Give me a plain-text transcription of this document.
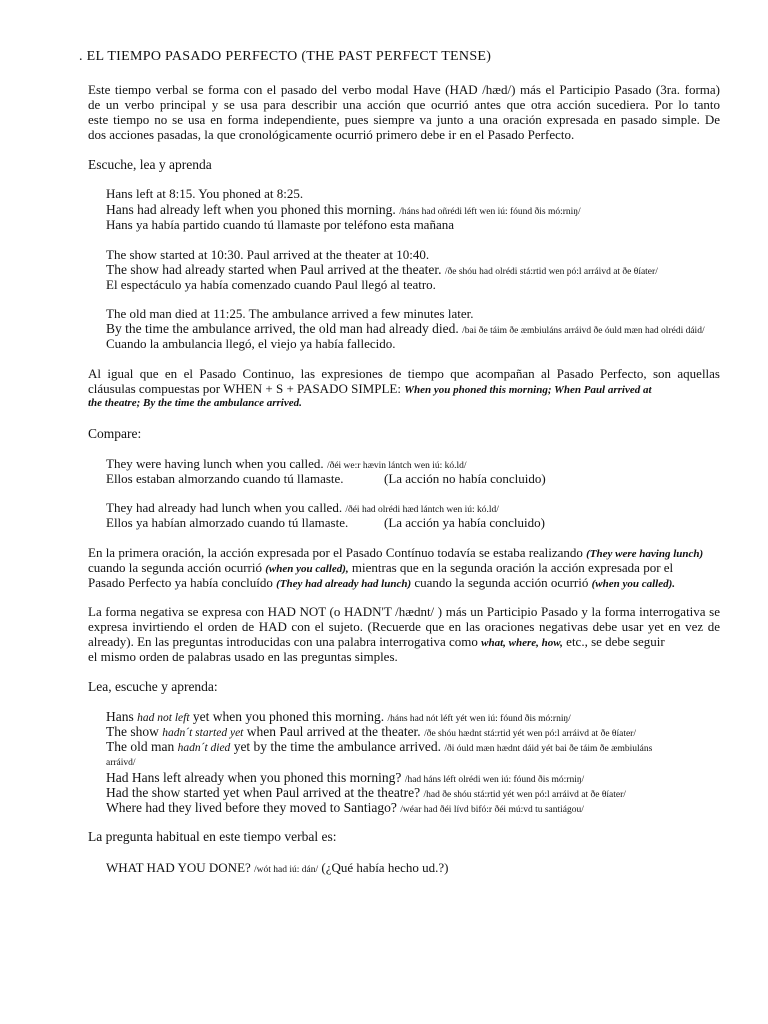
. EL TIEMPO PASADO PERFECTO (THE PAST PERFECT TENSE)
Este tiempo verbal se forma con el pasado del verbo modal Have (HAD /hæd/) más el Participio Pasado (3ra. forma)
de un verbo principal y se usa para describir una acción que ocurrió antes que otra acción sucediera. Por lo tanto
este tiempo no se usa en forma independiente, pues siempre va junto a una oración expresada en pasado simple. De
dos acciones pasadas, la que cronológicamente ocurrió primero debe ir en el Pasado Perfecto.
Escuche, lea y aprenda
Hans left at 8:15. You phoned at 8:25.
Hans had already left when you phoned this morning. /háns had oñrédi léft wen iú: fóund ðis mó:rniŋ/
Hans ya había partido cuando tú llamaste por teléfono esta mañana
The show started at 10:30. Paul arrived at the theater at 10:40.
The show had already started when Paul arrived at the theater. /ðe shóu had olrédi stá:rtid wen pó:l arráivd at ðe θíater/
El espectáculo ya había comenzado cuando Paul llegó al teatro.
The old man died at 11:25. The ambulance arrived a few minutes later.
By the time the ambulance arrived, the old man had already died. /bai ðe táim ðe æmbiuláns arráivd ðe óuld mæn had olrédi dáid/
Cuando la ambulancia llegó, el viejo ya había fallecido.
Al igual que en el Pasado Continuo, las expresiones de tiempo que acompañan al Pasado Perfecto, son aquellas
cláusulas compuestas por WHEN + S + PASADO SIMPLE: When you phoned this morning; When Paul arrived at
the theatre; By the time the ambulance arrived.
Compare:
They were having lunch when you called. /ðéi we:r hævin lántch wen iú: kó.ld/
Ellos estaban almorzando cuando tú llamaste.	(La acción no había concluido)
They had already had lunch when you called. /ðéi had olrédi hæd lántch wen iú: kó.ld/
Ellos ya habían almorzado cuando tú llamaste.	(La acción ya había concluido)
En la primera oración, la acción expresada por el Pasado Contínuo todavía se estaba realizando (They were having lunch)
cuando la segunda acción ocurrió (when you called), mientras que en la segunda oración la acción expresada por el
Pasado Perfecto ya había concluído (They had already had lunch) cuando la segunda acción ocurrió (when you called).
La forma negativa se expresa con HAD NOT (o HADN'T /hædnt/ ) más un Participio Pasado y la forma interrogativa se
expresa invirtiendo el orden de HAD con el sujeto. (Recuerde que en las oraciones negativas debe usar yet en vez de
already). En las preguntas introducidas con una palabra interrogativa como what, where, how, etc., se debe seguir
el mismo orden de palabras usado en las preguntas simples.
Lea, escuche y aprenda:
Hans had not left yet when you phoned this morning. /háns had nót léft yét wen iú: fóund ðis mó:rniŋ/
The show hadn´t started yet when Paul arrived at the theater. /ðe shóu hædnt stá:rtid yét wen pó:l arráivd at ðe θíater/
The old man hadn´t died yet by the time the ambulance arrived. /ði óuld mæn hædnt dáid yét bai ðe táim ðe æmbiuláns
arráivd/
Had Hans left already when you phoned this morning? /had háns léft olrédi wen iú: fóund ðis mó:rniŋ/
Had the show started yet when Paul arrived at the theatre? /had ðe shóu stá:rtid yét wen pó:l arráivd at ðe θíater/
Where had they lived before they moved to Santiago? /wéar had ðéi lívd bifó:r ðéi mú:vd tu santiágou/
La pregunta habitual en este tiempo verbal es:
WHAT HAD YOU DONE? /wót had iú: dán/ (¿Qué había hecho ud.?)
